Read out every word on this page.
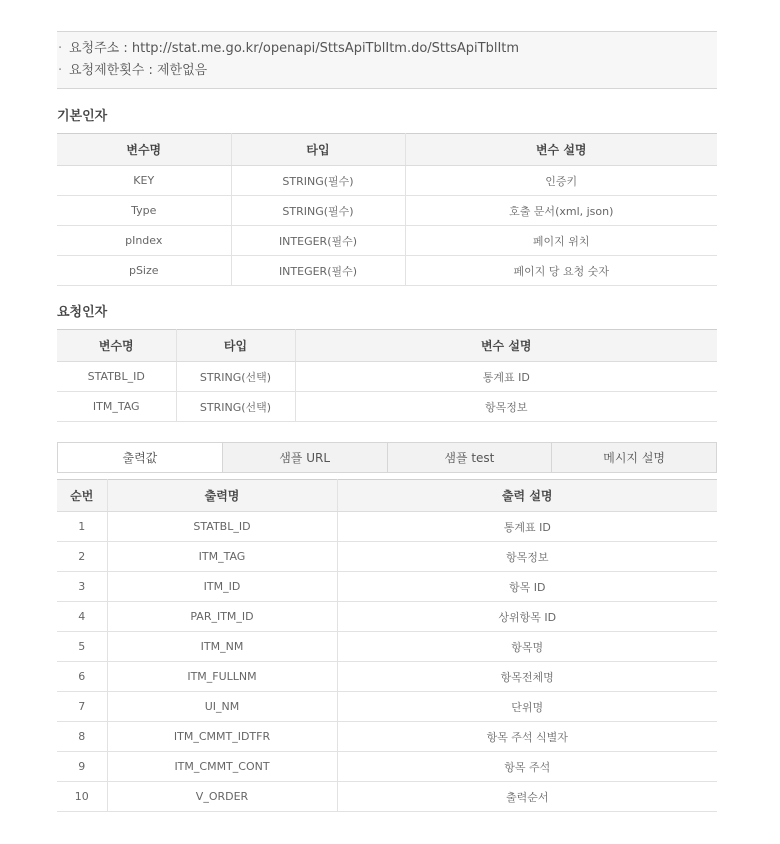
· 요청주소 : http://stat.me.go.kr/openapi/SttsApiTblItm.do/SttsApiTblItm
· 요청제한횟수 : 제한없음
기본인자
변수명	타입	변수 설명
KEY	STRING(필수)	인증키
Type	STRING(필수)	호출 문서(xml, json)
pIndex	INTEGER(필수)	페이지 위치
pSize	INTEGER(필수)	페이지 당 요청 숫자
요청인자
변수명	타입	변수 설명
STATBL_ID	STRING(선택)	통계표 ID
ITM_TAG	STRING(선택)	항목정보
출력값	샘플 URL	샘플 test	메시지 설명
순번	출력명	출력 설명
1	STATBL_ID	통계표 ID
2	ITM_TAG	항목정보
3	ITM_ID	항목 ID
4	PAR_ITM_ID	상위항목 ID
5	ITM_NM	항목명
6	ITM_FULLNM	항목전체명
7	UI_NM	단위명
8	ITM_CMMT_IDTFR	항목 주석 식별자
9	ITM_CMMT_CONT	항목 주석
10	V_ORDER	출력순서
